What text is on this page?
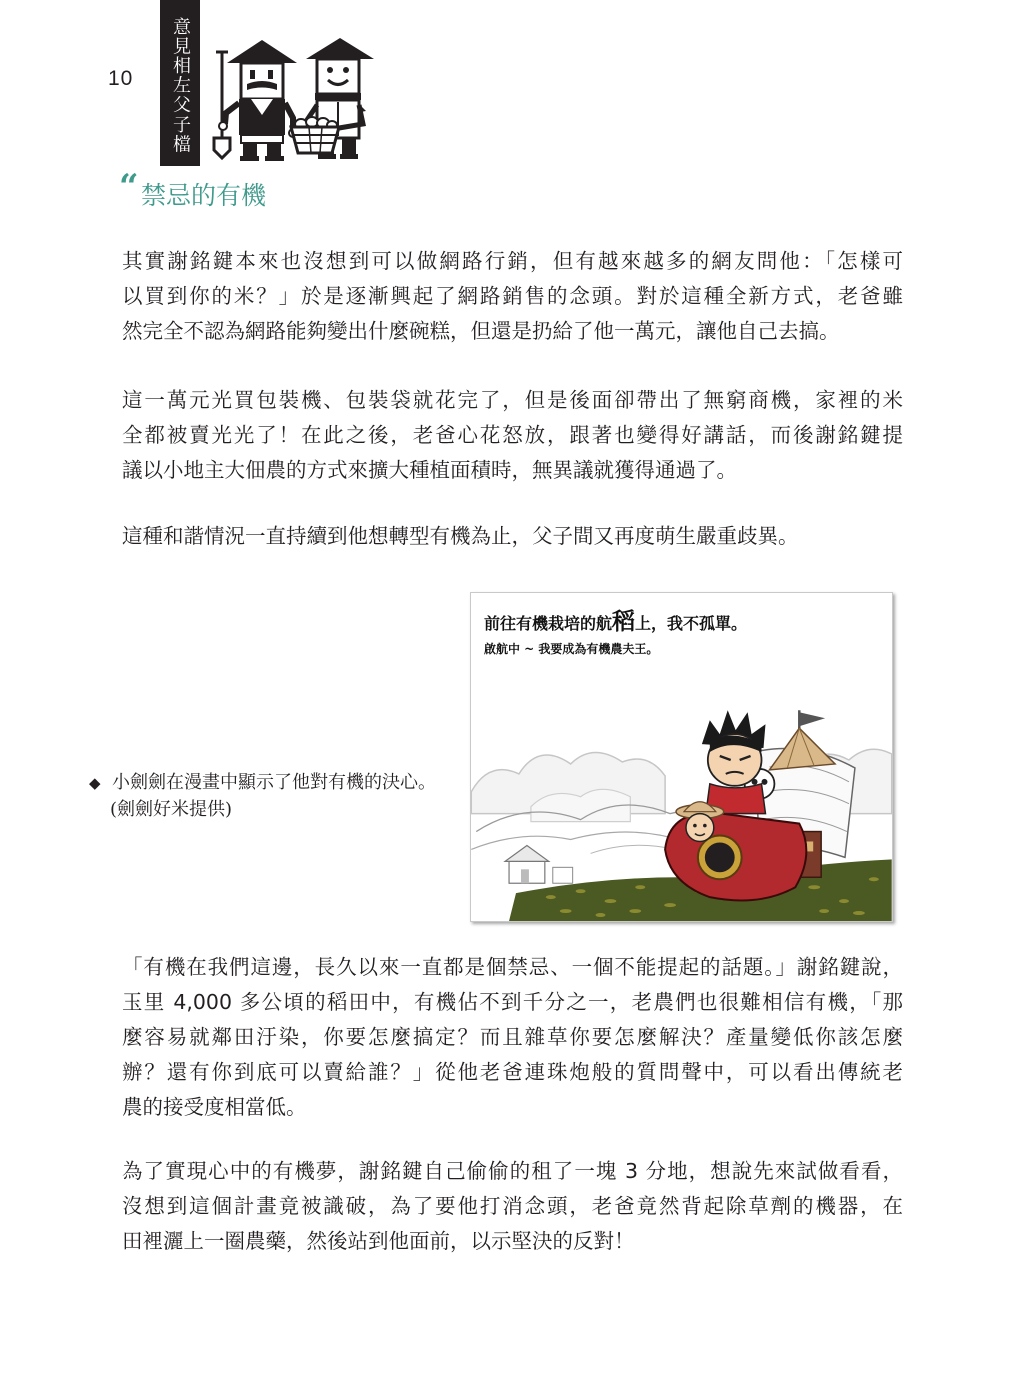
10 意見相左父子檔
“ 禁忌的有機
其實謝銘鍵本來也沒想到可以做網路行銷，但有越來越多的網友問他：「怎樣可
以買到你的米？」於是逐漸興起了網路銷售的念頭。對於這種全新方式，老爸雖
然完全不認為網路能夠變出什麼碗糕，但還是扔給了他一萬元，讓他自己去搞。
這一萬元光買包裝機、包裝袋就花完了，但是後面卻帶出了無窮商機，家裡的米
全都被賣光光了！在此之後，老爸心花怒放，跟著也變得好講話，而後謝銘鍵提
議以小地主大佃農的方式來擴大種植面積時，無異議就獲得通過了。
這種和諧情況一直持續到他想轉型有機為止，父子間又再度萌生嚴重歧異。
前往有機栽培的航稻上，我不孤單。
啟航中 ~ 我要成為有機農夫王。
◆ 小劍劍在漫畫中顯示了他對有機的決心。
(劍劍好米提供)
「有機在我們這邊，長久以來一直都是個禁忌、一個不能提起的話題。」謝銘鍵說，
玉里 4,000 多公頃的稻田中，有機佔不到千分之一，老農們也很難相信有機，「那
麼容易就鄰田汙染，你要怎麼搞定？而且雜草你要怎麼解決？產量變低你該怎麼
辦？還有你到底可以賣給誰？」從他老爸連珠炮般的質問聲中，可以看出傳統老
農的接受度相當低。
為了實現心中的有機夢，謝銘鍵自己偷偷的租了一塊 3 分地，想說先來試做看看，
沒想到這個計畫竟被識破，為了要他打消念頭，老爸竟然背起除草劑的機器，在
田裡灑上一圈農藥，然後站到他面前，以示堅決的反對！
